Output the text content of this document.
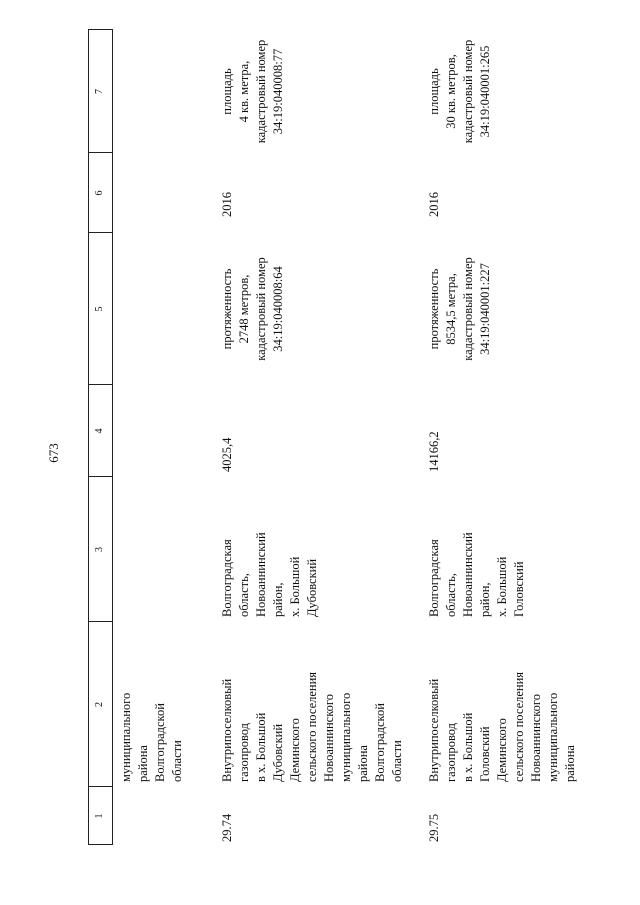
673
1
2
3
4
5
6
7
муниципального
района
Волгоградской
области
29.74
Внутрипоселковый
газопровод
в х. Большой
Дубовский
Деминского
сельского поселения
Новоаннинского
муниципального
района
Волгоградской
области
Волгоградская
область,
Новоаннинский
район,
х. Большой
Дубовский
4025,4
протяженность
2748 метров,
кадастровый номер
34:19:040008:64
2016
площадь
4 кв. метра,
кадастровый номер
34:19:040008:77
29.75
Внутрипоселковый
газопровод
в х. Большой
Головский
Деминского
сельского поселения
Новоаннинского
муниципального
района
Волгоградская
область,
Новоаннинский
район,
х. Большой
Головский
14166,2
протяженность
8534,5 метра,
кадастровый номер
34:19:040001:227
2016
площадь
30 кв. метров,
кадастровый номер
34:19:040001:265
